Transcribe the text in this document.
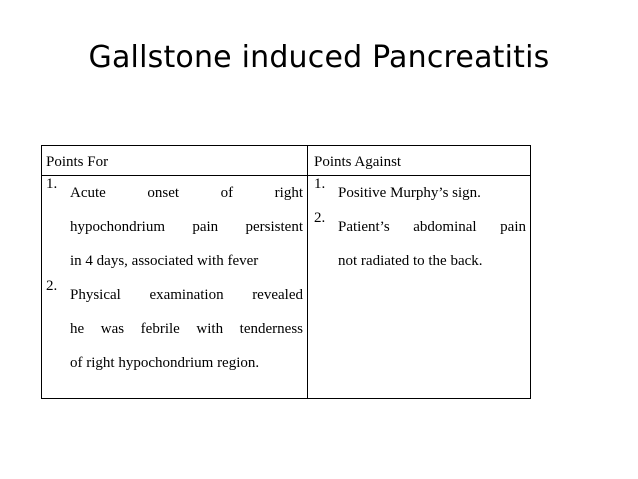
Gallstone induced Pancreatitis
Points For
1.
Acute onset of right
hypochondrium pain persistent
in 4 days, associated with fever
2.
Physical examination revealed
he was febrile with tenderness
of right hypochondrium region.
Points Against
1.
Positive Murphy’s sign.
2.
Patient’s abdominal pain
not radiated to the back.
